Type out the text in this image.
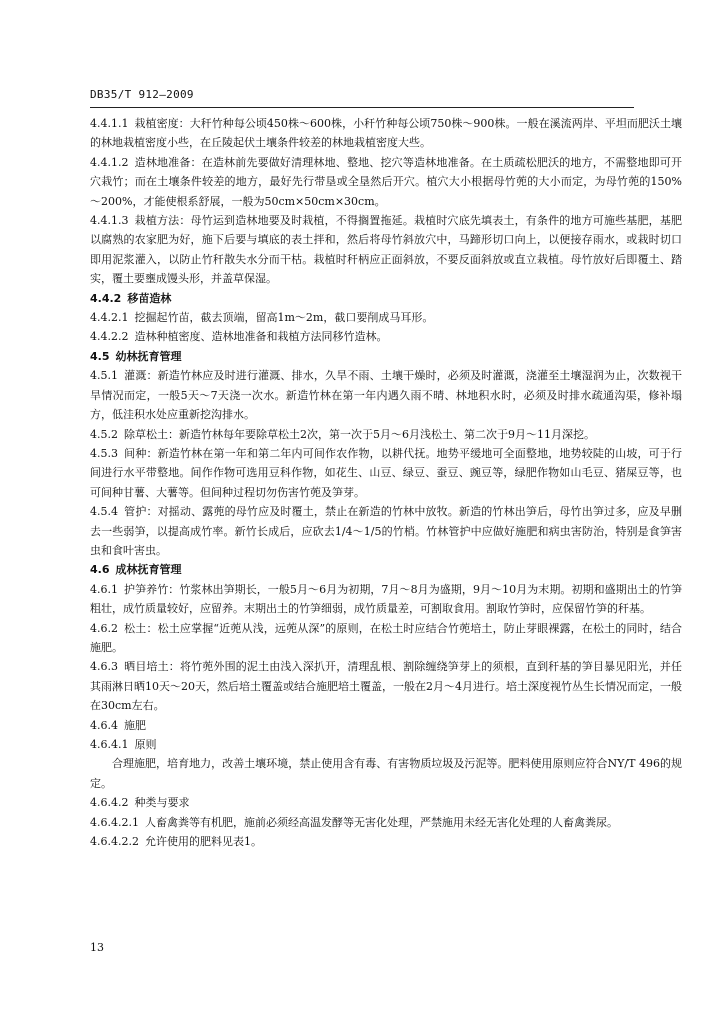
DB35/T 912—2009

4.4.1.1 栽植密度：大秆竹种每公顷450株～600株，小秆竹种每公顷750株～900株。一般在溪流两岸、平坦而肥沃土壤的林地栽植密度小些，在丘陵起伏土壤条件较差的林地栽植密度大些。

4.4.1.2 造林地准备：在造林前先要做好清理林地、整地、挖穴等造林地准备。在土质疏松肥沃的地方，不需整地即可开穴栽竹；而在土壤条件较差的地方，最好先行带垦或全垦然后开穴。植穴大小根据母竹蔸的大小而定，为母竹蔸的150%～200%，才能使根系舒展，一般为50cm×50cm×30cm。

4.4.1.3 栽植方法：母竹运到造林地要及时栽植，不得搁置拖延。栽植时穴底先填表土，有条件的地方可施些基肥，基肥以腐熟的农家肥为好，施下后要与填底的表土拌和，然后将母竹斜放穴中，马蹄形切口向上，以便接存雨水，或栽时切口即用泥浆灌入，以防止竹秆散失水分而干枯。栽植时秆柄应正面斜放，不要反面斜放或直立栽植。母竹放好后即覆土、踏实，覆土要壅成馒头形，并盖草保湿。

4.4.2 移苗造林

4.4.2.1 挖掘起竹苗，截去顶端，留高1m～2m，截口要削成马耳形。

4.4.2.2 造林种植密度、造林地准备和栽植方法同移竹造林。

4.5 幼林抚育管理

4.5.1 灌溉：新造竹林应及时进行灌溉、排水，久旱不雨、土壤干燥时，必须及时灌溉，浇灌至土壤湿润为止，次数视干旱情况而定，一般5天～7天浇一次水。新造竹林在第一年内遇久雨不晴、林地积水时，必须及时排水疏通沟渠，修补塌方，低洼积水处应重新挖沟排水。

4.5.2 除草松土：新造竹林每年要除草松土2次，第一次于5月～6月浅松土、第二次于9月～11月深挖。

4.5.3 间种：新造竹林在第一年和第二年内可间作农作物，以耕代抚。地势平缓地可全面整地，地势较陡的山坡，可于行间进行水平带整地。间作作物可选用豆科作物，如花生、山豆、绿豆、蚕豆、豌豆等，绿肥作物如山毛豆、猪屎豆等，也可间种甘薯、大薯等。但间种过程切勿伤害竹蔸及笋芽。

4.5.4 管护：对摇动、露蔸的母竹应及时覆土，禁止在新造的竹林中放牧。新造的竹林出笋后，母竹出笋过多，应及早删去一些弱笋，以提高成竹率。新竹长成后，应砍去1/4～1/5的竹梢。竹林管护中应做好施肥和病虫害防治，特别是食笋害虫和食叶害虫。

4.6 成林抚育管理

4.6.1 护笋养竹：竹浆林出笋期长，一般5月～6月为初期，7月～8月为盛期，9月～10月为末期。初期和盛期出土的竹笋粗壮，成竹质量较好，应留养。末期出土的竹笋细弱，成竹质量差，可割取食用。割取竹笋时，应保留竹笋的秆基。

4.6.2 松土：松土应掌握“近蔸从浅，远蔸从深”的原则，在松土时应结合竹蔸培土，防止芽眼裸露，在松土的同时，结合施肥。

4.6.3 晒目培土：将竹蔸外围的泥土由浅入深扒开，清理乱根、割除缠绕笋芽上的须根，直到秆基的笋目暴见阳光，并任其雨淋日晒10天～20天，然后培土覆盖或结合施肥培土覆盖，一般在2月～4月进行。培土深度视竹丛生长情况而定，一般在30cm左右。

4.6.4 施肥

4.6.4.1 原则

合理施肥，培育地力，改善土壤环境，禁止使用含有毒、有害物质垃圾及污泥等。肥料使用原则应符合NY/T 496的规定。

4.6.4.2 种类与要求

4.6.4.2.1 人畜禽粪等有机肥，施前必须经高温发酵等无害化处理，严禁施用未经无害化处理的人畜禽粪尿。

4.6.4.2.2 允许使用的肥料见表1。

13
